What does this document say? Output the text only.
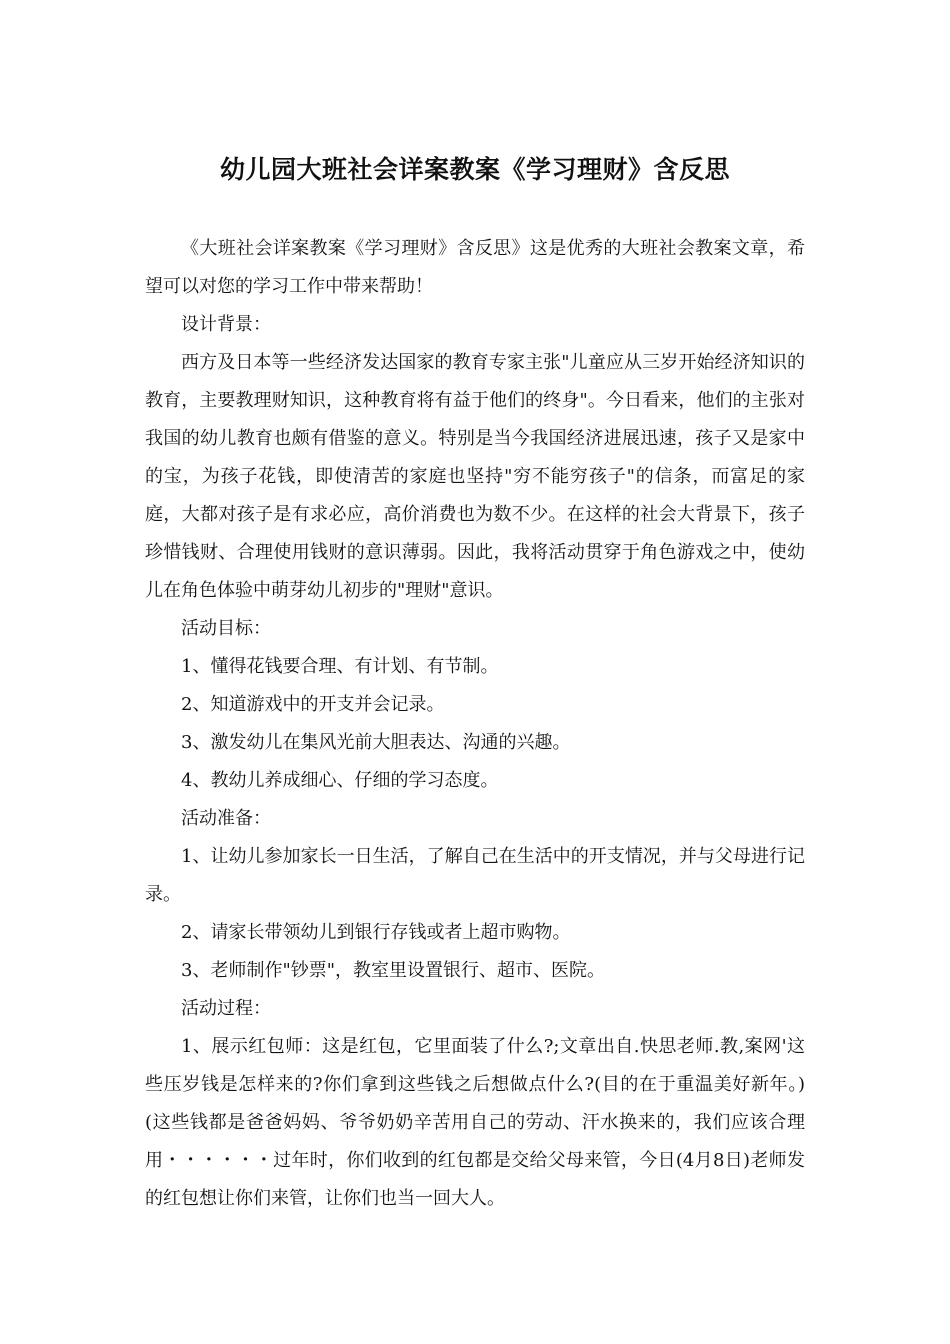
幼儿园大班社会详案教案《学习理财》含反思

《大班社会详案教案《学习理财》含反思》这是优秀的大班社会教案文章，希望可以对您的学习工作中带来帮助！

设计背景：

西方及日本等一些经济发达国家的教育专家主张"儿童应从三岁开始经济知识的教育，主要教理财知识，这种教育将有益于他们的终身"。今日看来，他们的主张对我国的幼儿教育也颇有借鉴的意义。特别是当今我国经济进展迅速，孩子又是家中的宝，为孩子花钱，即使清苦的家庭也坚持"穷不能穷孩子"的信条，而富足的家庭，大都对孩子是有求必应，高价消费也为数不少。在这样的社会大背景下，孩子珍惜钱财、合理使用钱财的意识薄弱。因此，我将活动贯穿于角色游戏之中，使幼儿在角色体验中萌芽幼儿初步的"理财"意识。

活动目标：

1、懂得花钱要合理、有计划、有节制。

2、知道游戏中的开支并会记录。

3、激发幼儿在集风光前大胆表达、沟通的兴趣。

4、教幼儿养成细心、仔细的学习态度。

活动准备：

1、让幼儿参加家长一日生活，了解自己在生活中的开支情况，并与父母进行记录。

2、请家长带领幼儿到银行存钱或者上超市购物。

3、老师制作"钞票"，教室里设置银行、超市、医院。

活动过程：

1、展示红包师：这是红包，它里面装了什么?;文章出自.快思老师.教,案网'这些压岁钱是怎样来的?你们拿到这些钱之后想做点什么?(目的在于重温美好新年。)(这些钱都是爸爸妈妈、爷爷奶奶辛苦用自己的劳动、汗水换来的，我们应该合理用・・・・・・过年时，你们收到的红包都是交给父母来管，今日(4月8日)老师发的红包想让你们来管，让你们也当一回大人。
